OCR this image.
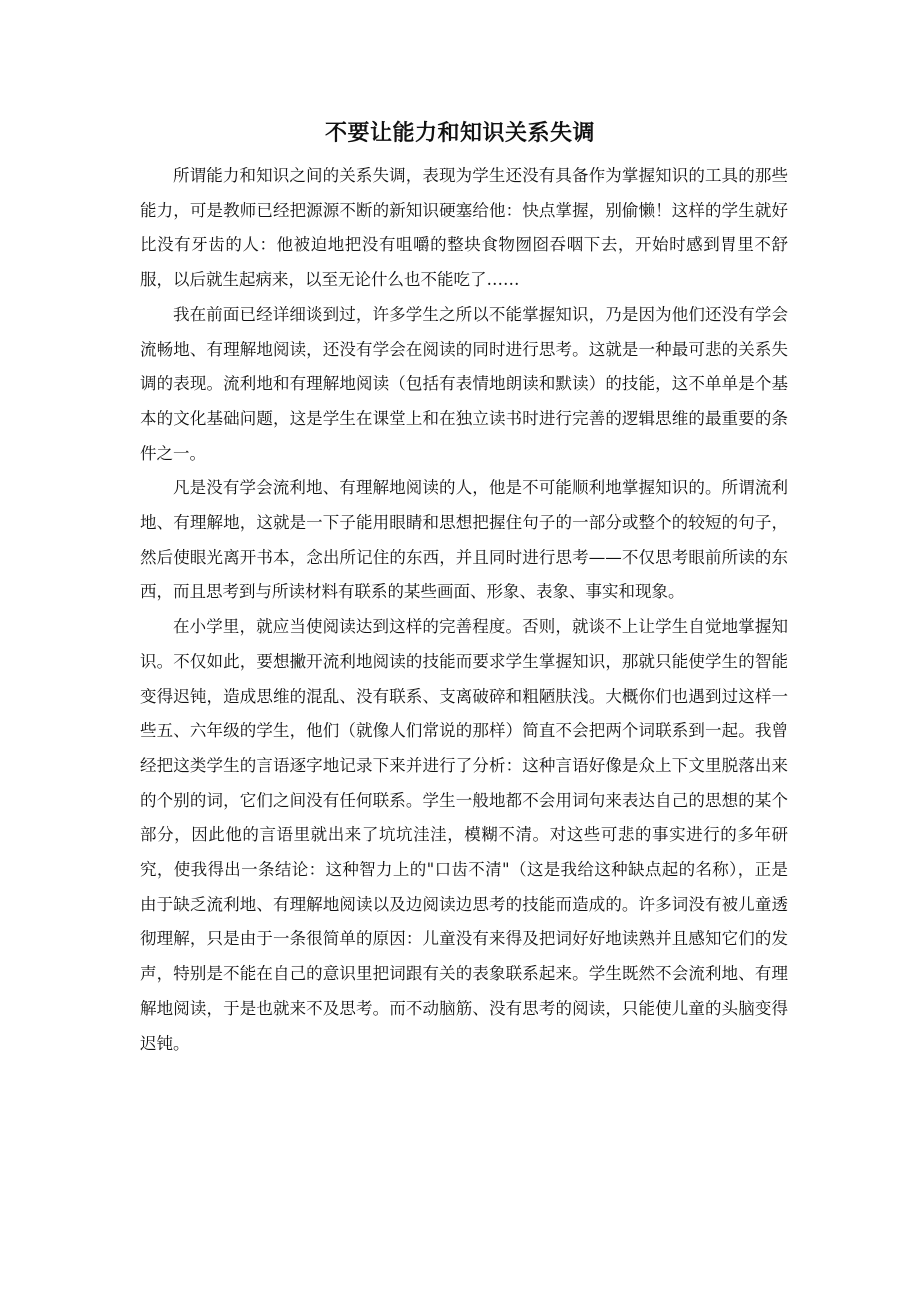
不要让能力和知识关系失调

所谓能力和知识之间的关系失调，表现为学生还没有具备作为掌握知识的工具的那些能力，可是教师已经把源源不断的新知识硬塞给他：快点掌握，别偷懒！这样的学生就好比没有牙齿的人：他被迫地把没有咀嚼的整块食物囫囵吞咽下去，开始时感到胃里不舒服，以后就生起病来，以至无论什么也不能吃了……

我在前面已经详细谈到过，许多学生之所以不能掌握知识，乃是因为他们还没有学会流畅地、有理解地阅读，还没有学会在阅读的同时进行思考。这就是一种最可悲的关系失调的表现。流利地和有理解地阅读（包括有表情地朗读和默读）的技能，这不单单是个基本的文化基础问题，这是学生在课堂上和在独立读书时进行完善的逻辑思维的最重要的条件之一。

凡是没有学会流利地、有理解地阅读的人，他是不可能顺利地掌握知识的。所谓流利地、有理解地，这就是一下子能用眼睛和思想把握住句子的一部分或整个的较短的句子，然后使眼光离开书本，念出所记住的东西，并且同时进行思考——不仅思考眼前所读的东西，而且思考到与所读材料有联系的某些画面、形象、表象、事实和现象。

在小学里，就应当使阅读达到这样的完善程度。否则，就谈不上让学生自觉地掌握知识。不仅如此，要想撇开流利地阅读的技能而要求学生掌握知识，那就只能使学生的智能变得迟钝，造成思维的混乱、没有联系、支离破碎和粗陋肤浅。大概你们也遇到过这样一些五、六年级的学生，他们（就像人们常说的那样）简直不会把两个词联系到一起。我曾经把这类学生的言语逐字地记录下来并进行了分析：这种言语好像是众上下文里脱落出来的个别的词，它们之间没有任何联系。学生一般地都不会用词句来表达自己的思想的某个部分，因此他的言语里就出来了坑坑洼洼，模糊不清。对这些可悲的事实进行的多年研究，使我得出一条结论：这种智力上的"口齿不清"（这是我给这种缺点起的名称），正是由于缺乏流利地、有理解地阅读以及边阅读边思考的技能而造成的。许多词没有被儿童透彻理解，只是由于一条很简单的原因：儿童没有来得及把词好好地读熟并且感知它们的发声，特别是不能在自己的意识里把词跟有关的表象联系起来。学生既然不会流利地、有理解地阅读，于是也就来不及思考。而不动脑筋、没有思考的阅读，只能使儿童的头脑变得迟钝。
